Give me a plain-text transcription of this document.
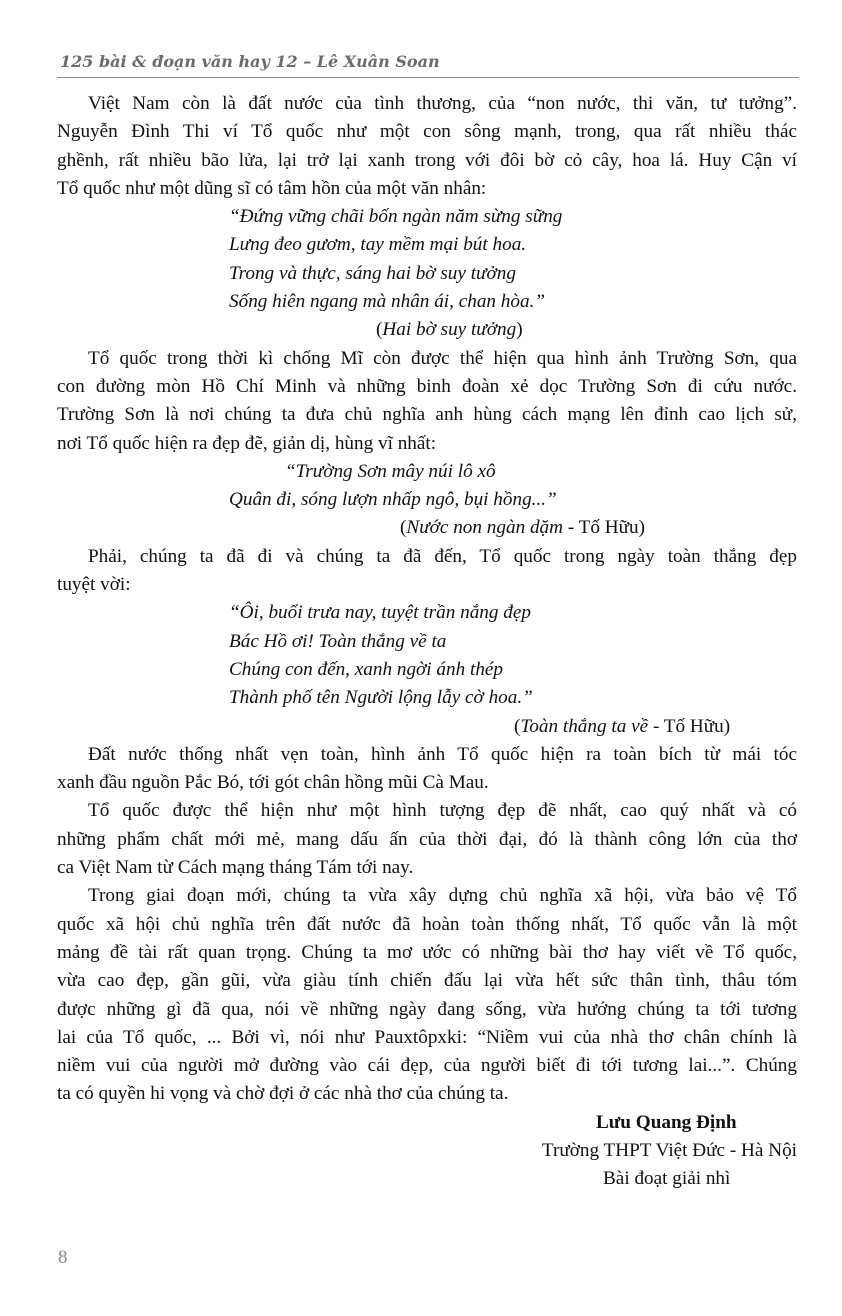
125 bài & đoạn văn hay 12 – Lê Xuân Soan
Việt Nam còn là đất nước của tình thương, của “non nước, thi văn, tư tưởng”.
Nguyễn Đình Thi ví Tổ quốc như một con sông mạnh, trong, qua rất nhiều thác
ghềnh, rất nhiều bão lửa, lại trở lại xanh trong với đôi bờ cỏ cây, hoa lá. Huy Cận ví
Tổ quốc như một dũng sĩ có tâm hồn của một văn nhân:
“Đứng vững chãi bốn ngàn năm sừng sững
Lưng đeo gươm, tay mềm mại bút hoa.
Trong và thực, sáng hai bờ suy tưởng
Sống hiên ngang mà nhân ái, chan hòa.”
(Hai bờ suy tưởng)
Tổ quốc trong thời kì chống Mĩ còn được thể hiện qua hình ảnh Trường Sơn, qua
con đường mòn Hồ Chí Minh và những binh đoàn xẻ dọc Trường Sơn đi cứu nước.
Trường Sơn là nơi chúng ta đưa chủ nghĩa anh hùng cách mạng lên đỉnh cao lịch sử,
nơi Tổ quốc hiện ra đẹp đẽ, giản dị, hùng vĩ nhất:
“Trường Sơn mây núi lô xô
Quân đi, sóng lượn nhấp ngô, bụi hồng...”
(Nước non ngàn dặm - Tố Hữu)
Phải, chúng ta đã đi và chúng ta đã đến, Tổ quốc trong ngày toàn thắng đẹp
tuyệt vời:
“Ôi, buổi trưa nay, tuyệt trần nắng đẹp
Bác Hồ ơi! Toàn thắng về ta
Chúng con đến, xanh ngời ánh thép
Thành phố tên Người lộng lẫy cờ hoa.”
(Toàn thắng ta về - Tố Hữu)
Đất nước thống nhất vẹn toàn, hình ảnh Tổ quốc hiện ra toàn bích từ mái tóc
xanh đầu nguồn Pắc Bó, tới gót chân hồng mũi Cà Mau.
Tổ quốc được thể hiện như một hình tượng đẹp đẽ nhất, cao quý nhất và có
những phẩm chất mới mẻ, mang dấu ấn của thời đại, đó là thành công lớn của thơ
ca Việt Nam từ Cách mạng tháng Tám tới nay.
Trong giai đoạn mới, chúng ta vừa xây dựng chủ nghĩa xã hội, vừa bảo vệ Tổ
quốc xã hội chủ nghĩa trên đất nước đã hoàn toàn thống nhất, Tổ quốc vẫn là một
mảng đề tài rất quan trọng. Chúng ta mơ ước có những bài thơ hay viết về Tổ quốc,
vừa cao đẹp, gần gũi, vừa giàu tính chiến đấu lại vừa hết sức thân tình, thâu tóm
được những gì đã qua, nói về những ngày đang sống, vừa hướng chúng ta tới tương
lai của Tổ quốc, ... Bởi vì, nói như Pauxtôpxki: “Niềm vui của nhà thơ chân chính là
niềm vui của người mở đường vào cái đẹp, của người biết đi tới tương lai...”. Chúng
ta có quyền hi vọng và chờ đợi ở các nhà thơ của chúng ta.
Lưu Quang Định
Trường THPT Việt Đức - Hà Nội
Bài đoạt giải nhì
8
